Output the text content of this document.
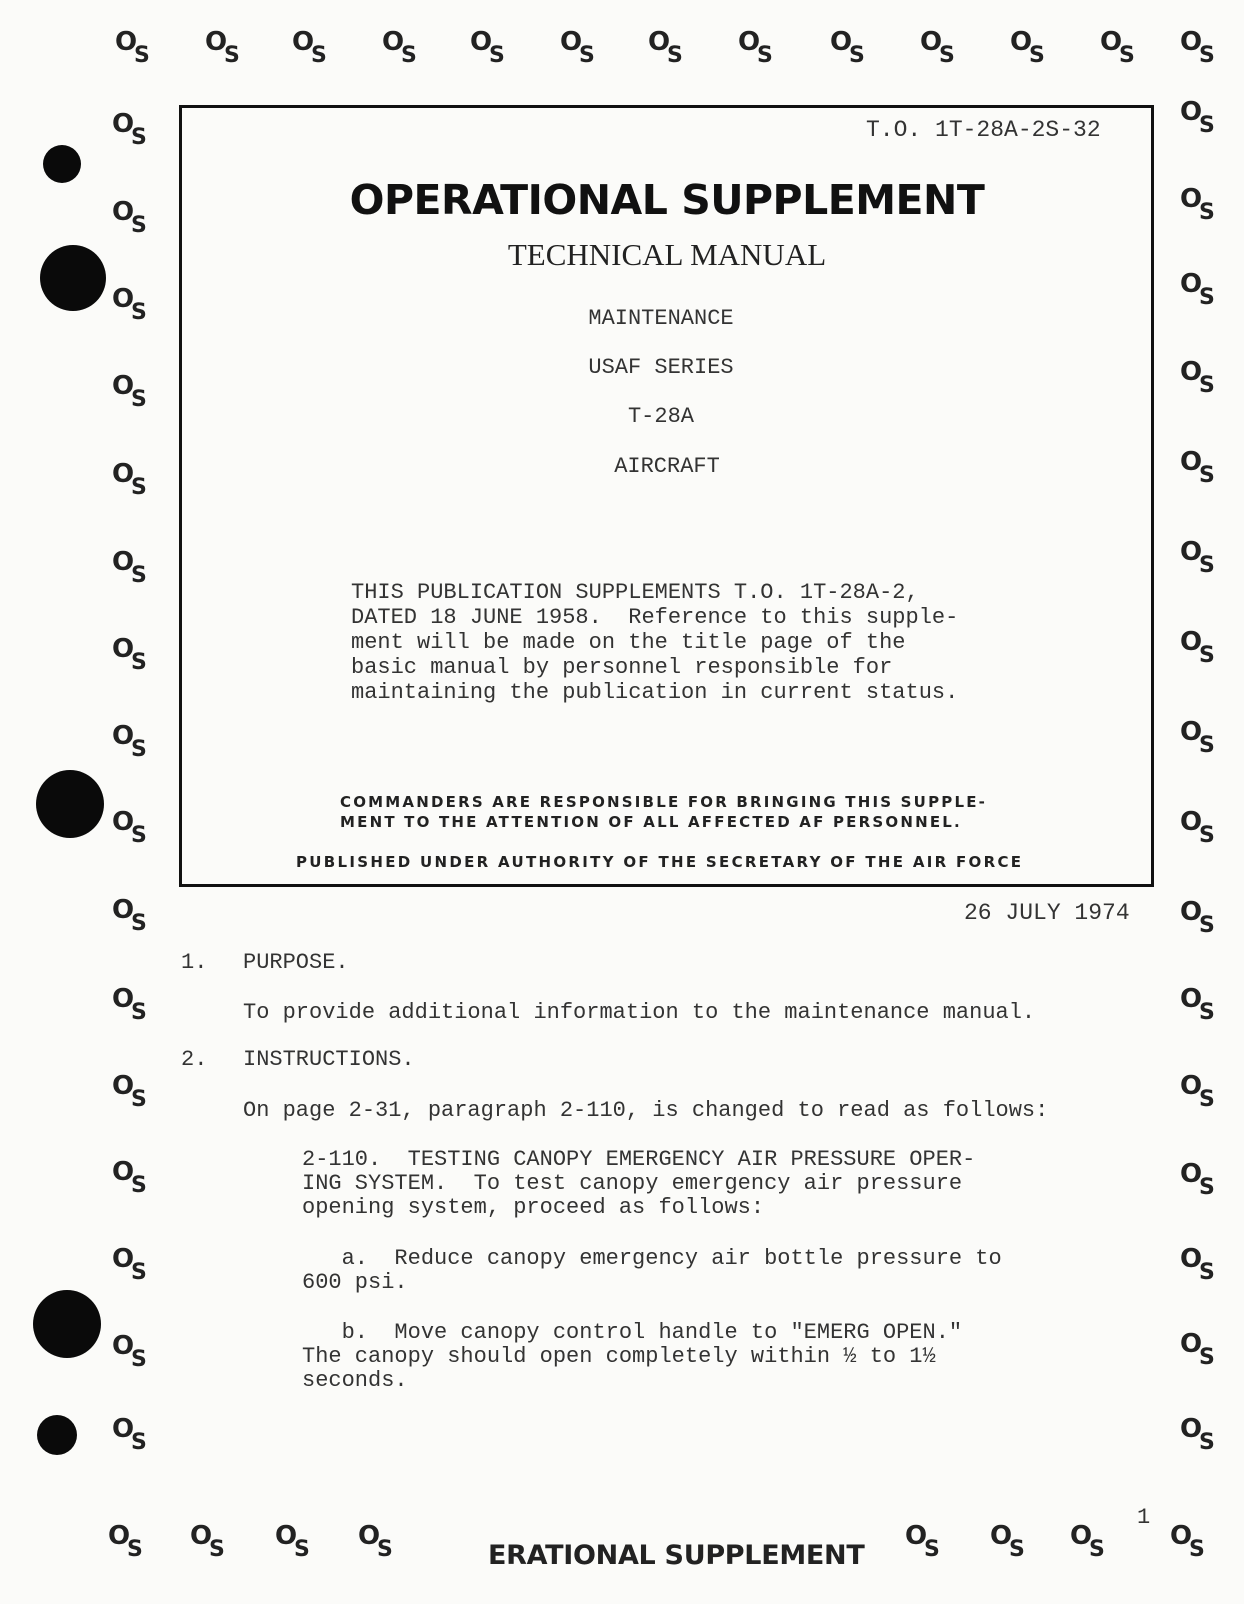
O
S O
S O
S O
S O
S O
S O
S O
S O
S O
S O
S O
S O
S
O
S
O
S
O
S
O
S
O
S
O
S
O
S
O
S
O
S
O
S
O
S
O
S
O
S
O
S
O
S
O
S
O
S
O
S
O
S
O
S
O
S
O
S
O
S
O
S
O
S
O
S
O
S
O
S
O
S
O
S
O
S
O
S
O
S O
S O
S O
S	O
S O
S O
S	O
S
T.O. 1T-28A-2S-32
OPERATIONAL SUPPLEMENT
TECHNICAL MANUAL
MAINTENANCE
USAF SERIES
T-28A
AIRCRAFT
THIS PUBLICATION SUPPLEMENTS T.O. 1T-28A-2,
DATED 18 JUNE 1958.  Reference to this supple-
ment will be made on the title page of the
basic manual by personnel responsible for
maintaining the publication in current status.
COMMANDERS ARE RESPONSIBLE FOR BRINGING THIS SUPPLE-
MENT TO THE ATTENTION OF ALL AFFECTED AF PERSONNEL.
PUBLISHED UNDER AUTHORITY OF THE SECRETARY OF THE AIR FORCE
26 JULY 1974
1. PURPOSE.
To provide additional information to the maintenance manual.
2. INSTRUCTIONS.
On page 2-31, paragraph 2-110, is changed to read as follows:
2-110.  TESTING CANOPY EMERGENCY AIR PRESSURE OPER-
ING SYSTEM.  To test canopy emergency air pressure
opening system, proceed as follows:
a.  Reduce canopy emergency air bottle pressure to
600 psi.
b.  Move canopy control handle to "EMERG OPEN."
The canopy should open completely within ½ to 1½
seconds.
ERATIONAL SUPPLEMENT
1
